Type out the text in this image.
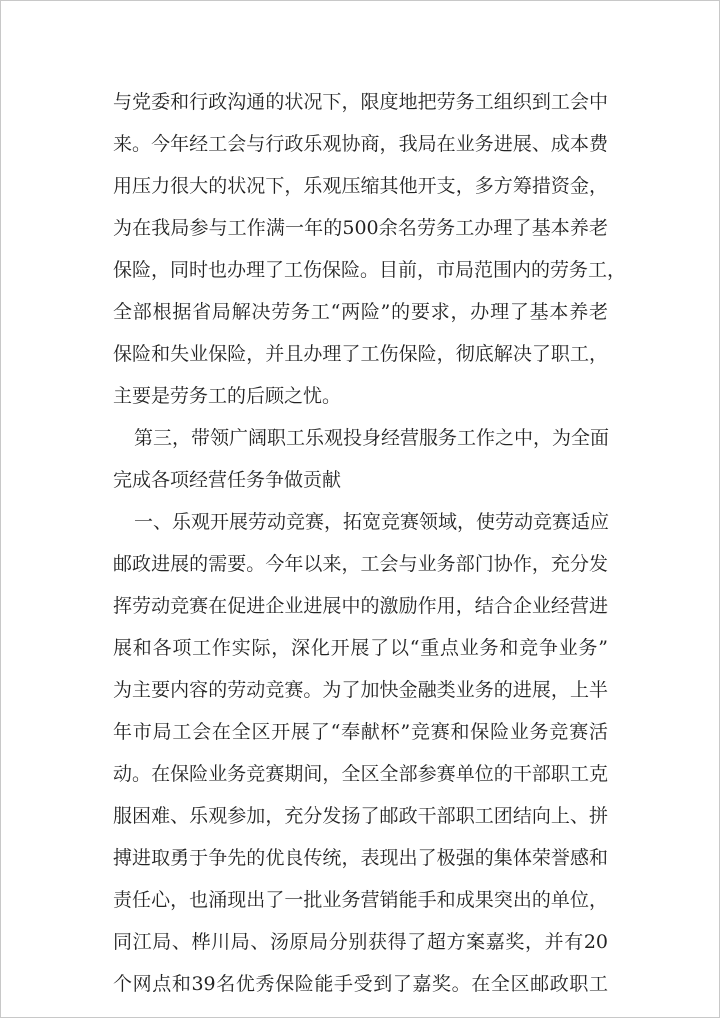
与党委和行政沟通的状况下，限度地把劳务工组织到工会中
来。今年经工会与行政乐观协商，我局在业务进展、成本费
用压力很大的状况下，乐观压缩其他开支，多方筹措资金，
为在我局参与工作满一年的500余名劳务工办理了基本养老
保险，同时也办理了工伤保险。目前，市局范围内的劳务工，
全部根据省局解决劳务工“两险”的要求，办理了基本养老
保险和失业保险，并且办理了工伤保险，彻底解决了职工，
主要是劳务工的后顾之忧。
第三，带领广阔职工乐观投身经营服务工作之中，为全面
完成各项经营任务争做贡献
一、乐观开展劳动竞赛，拓宽竞赛领域，使劳动竞赛适应
邮政进展的需要。今年以来，工会与业务部门协作，充分发
挥劳动竞赛在促进企业进展中的激励作用，结合企业经营进
展和各项工作实际，深化开展了以“重点业务和竞争业务”
为主要内容的劳动竞赛。为了加快金融类业务的进展，上半
年市局工会在全区开展了“奉献杯”竞赛和保险业务竞赛活
动。在保险业务竞赛期间，全区全部参赛单位的干部职工克
服困难、乐观参加，充分发扬了邮政干部职工团结向上、拼
搏进取勇于争先的优良传统，表现出了极强的集体荣誉感和
责任心，也涌现出了一批业务营销能手和成果突出的单位，
同江局、桦川局、汤原局分别获得了超方案嘉奖，并有20
个网点和39名优秀保险能手受到了嘉奖。在全区邮政职工
